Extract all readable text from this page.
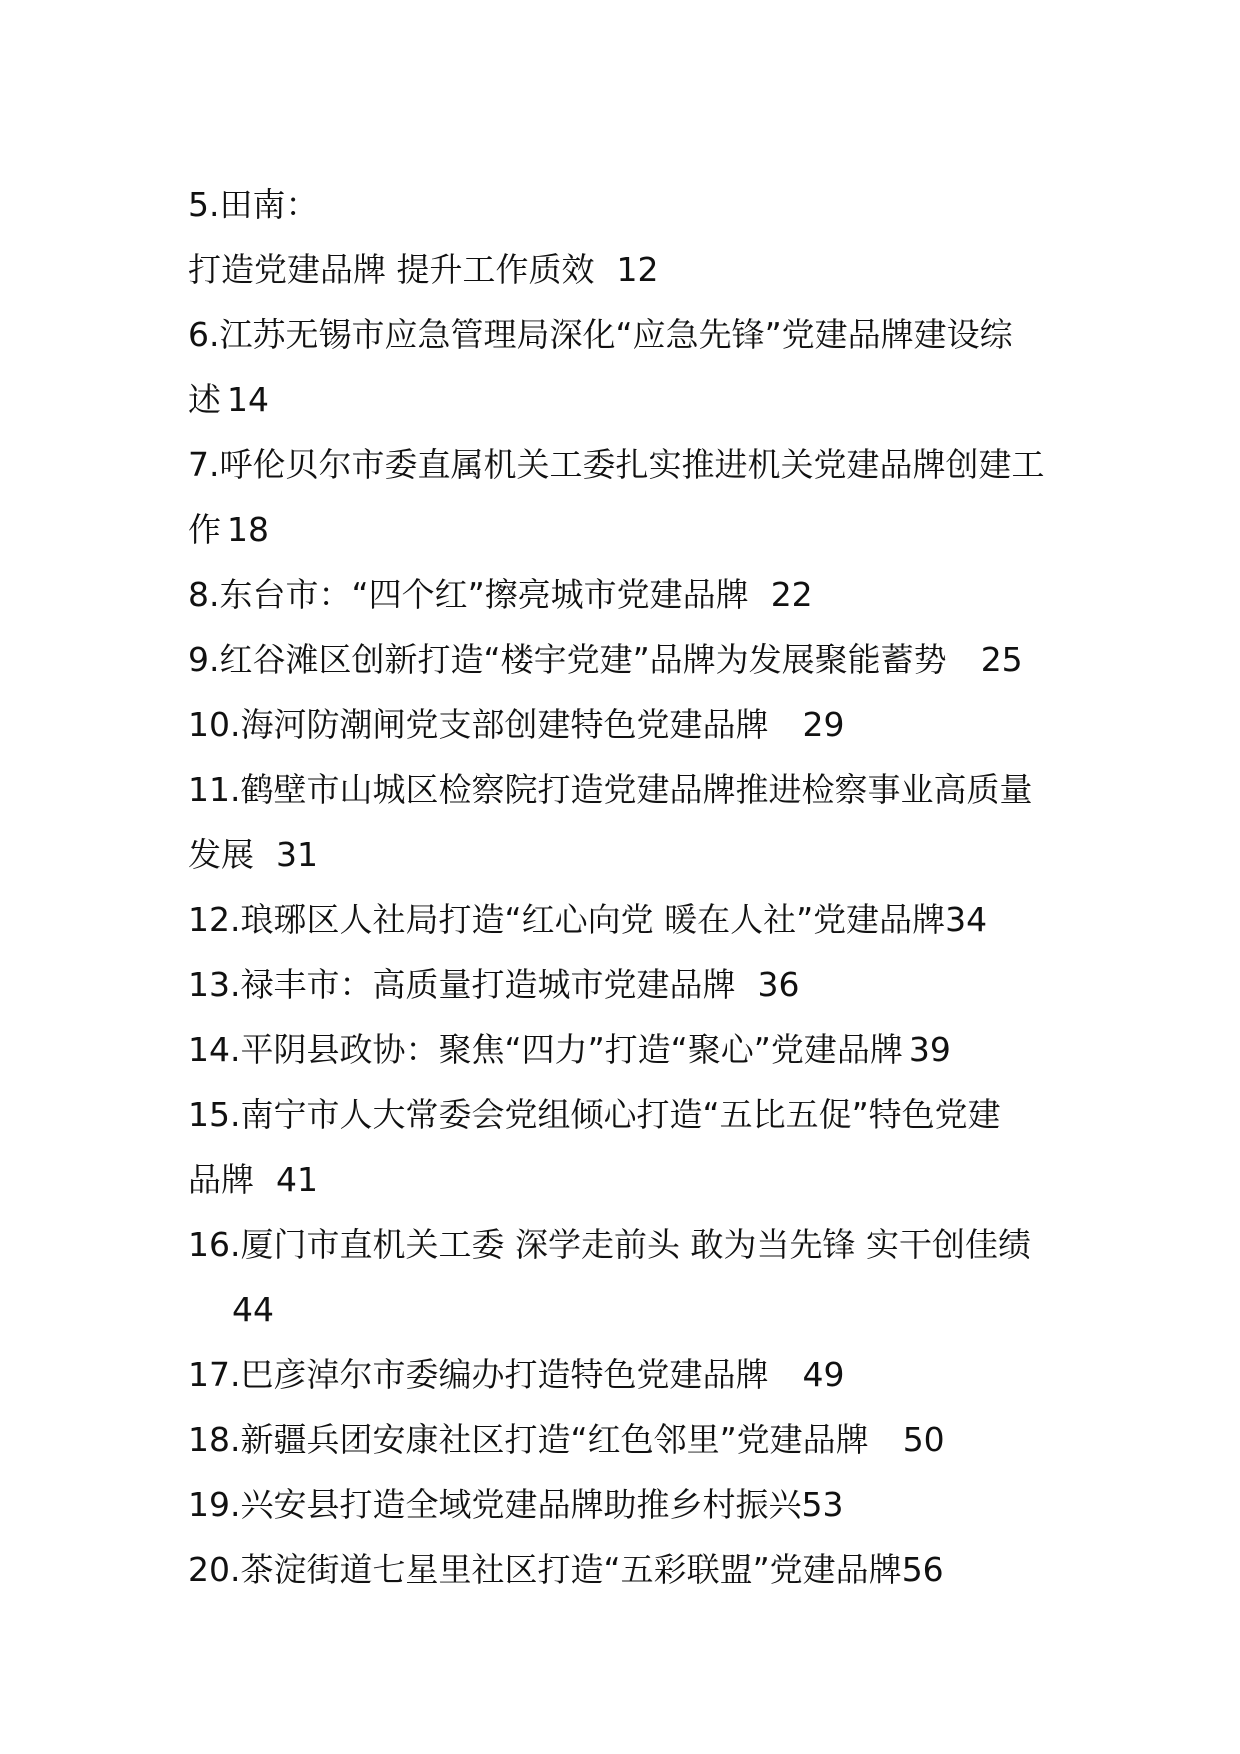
5.田南：
打造党建品牌 提升工作质效 12
6.江苏无锡市应急管理局深化“应急先锋”党建品牌建设综
述 14
7.呼伦贝尔市委直属机关工委扎实推进机关党建品牌创建工
作 18
8.东台市：“四个红”擦亮城市党建品牌 22
9.红谷滩区创新打造“楼宇党建”品牌为发展聚能蓄势 25
10.海河防潮闸党支部创建特色党建品牌 29
11.鹤壁市山城区检察院打造党建品牌推进检察事业高质量
发展 31
12.琅琊区人社局打造“红心向党 暖在人社”党建品牌34
13.禄丰市：高质量打造城市党建品牌 36
14.平阴县政协：聚焦“四力”打造“聚心”党建品牌 39
15.南宁市人大常委会党组倾心打造“五比五促”特色党建
品牌 41
16.厦门市直机关工委 深学走前头 敢为当先锋 实干创佳绩
44
17.巴彦淖尔市委编办打造特色党建品牌 49
18.新疆兵团安康社区打造“红色邻里”党建品牌 50
19.兴安县打造全域党建品牌助推乡村振兴53
20.茶淀街道七星里社区打造“五彩联盟”党建品牌56
